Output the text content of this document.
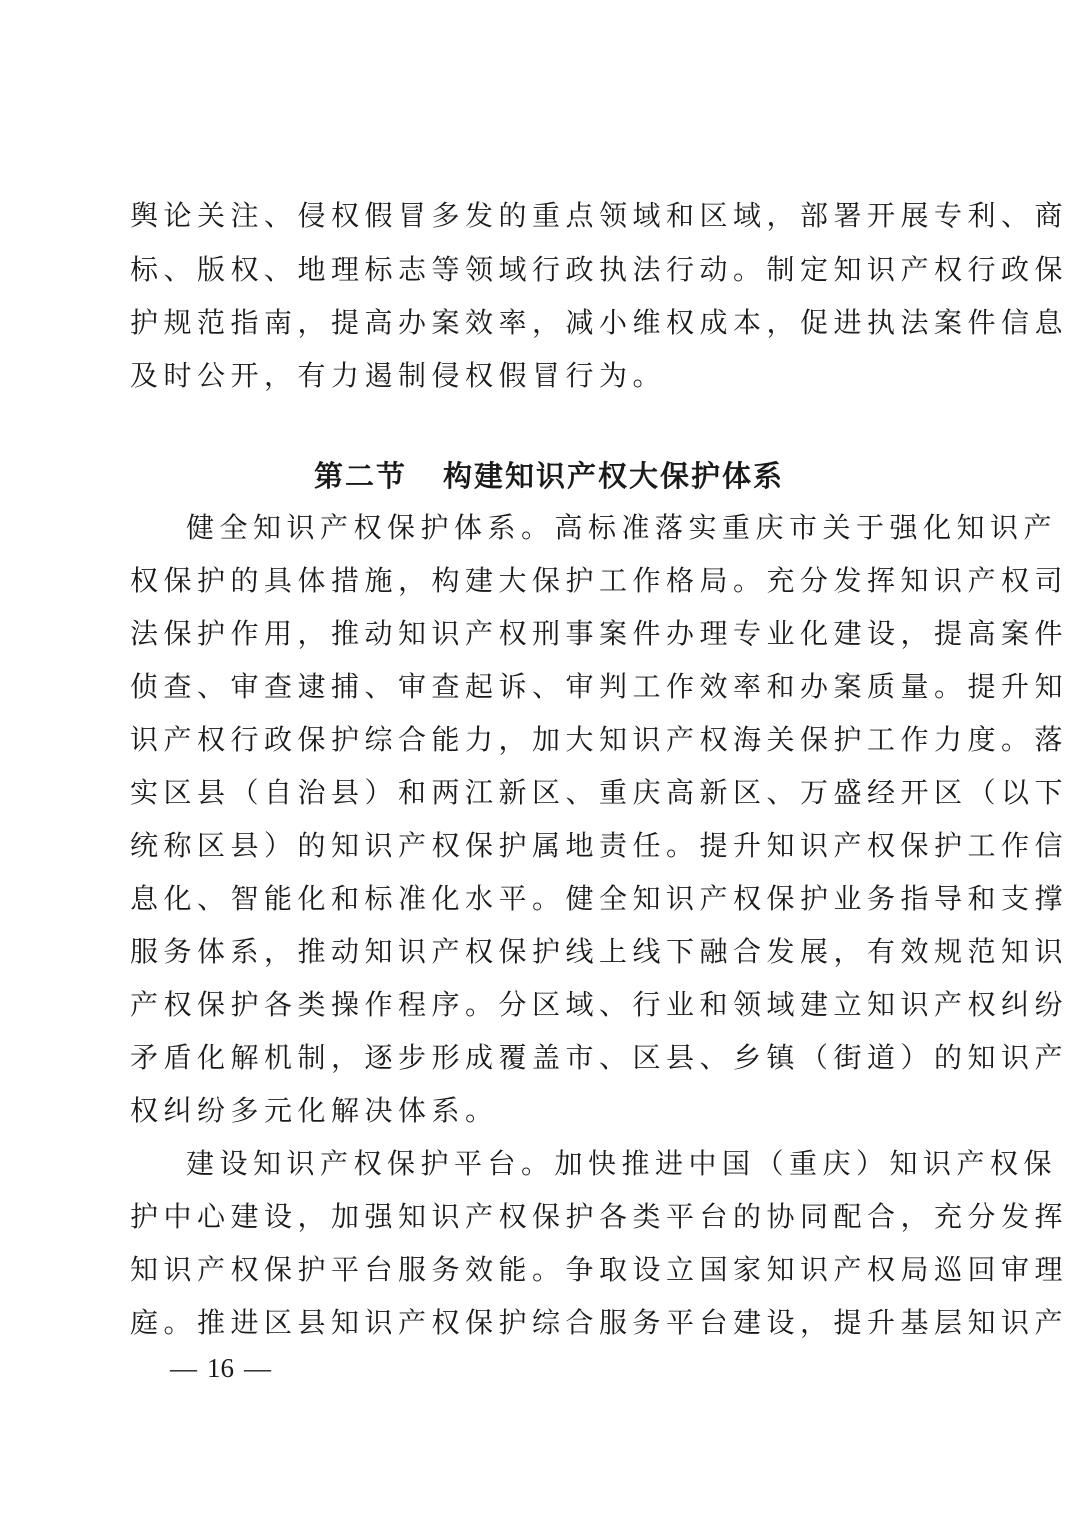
舆论关注、侵权假冒多发的重点领域和区域，部署开展专利、商
标、版权、地理标志等领域行政执法行动。制定知识产权行政保
护规范指南，提高办案效率，减小维权成本，促进执法案件信息
及时公开，有力遏制侵权假冒行为。
第二节 构建知识产权大保护体系
健全知识产权保护体系。高标准落实重庆市关于强化知识产
权保护的具体措施，构建大保护工作格局。充分发挥知识产权司
法保护作用，推动知识产权刑事案件办理专业化建设，提高案件
侦查、审查逮捕、审查起诉、审判工作效率和办案质量。提升知
识产权行政保护综合能力，加大知识产权海关保护工作力度。落
实区县（自治县）和两江新区、重庆高新区、万盛经开区（以下
统称区县）的知识产权保护属地责任。提升知识产权保护工作信
息化、智能化和标准化水平。健全知识产权保护业务指导和支撑
服务体系，推动知识产权保护线上线下融合发展，有效规范知识
产权保护各类操作程序。分区域、行业和领域建立知识产权纠纷
矛盾化解机制，逐步形成覆盖市、区县、乡镇（街道）的知识产
权纠纷多元化解决体系。
建设知识产权保护平台。加快推进中国（重庆）知识产权保
护中心建设，加强知识产权保护各类平台的协同配合，充分发挥
知识产权保护平台服务效能。争取设立国家知识产权局巡回审理
庭。推进区县知识产权保护综合服务平台建设，提升基层知识产
— 16 —
